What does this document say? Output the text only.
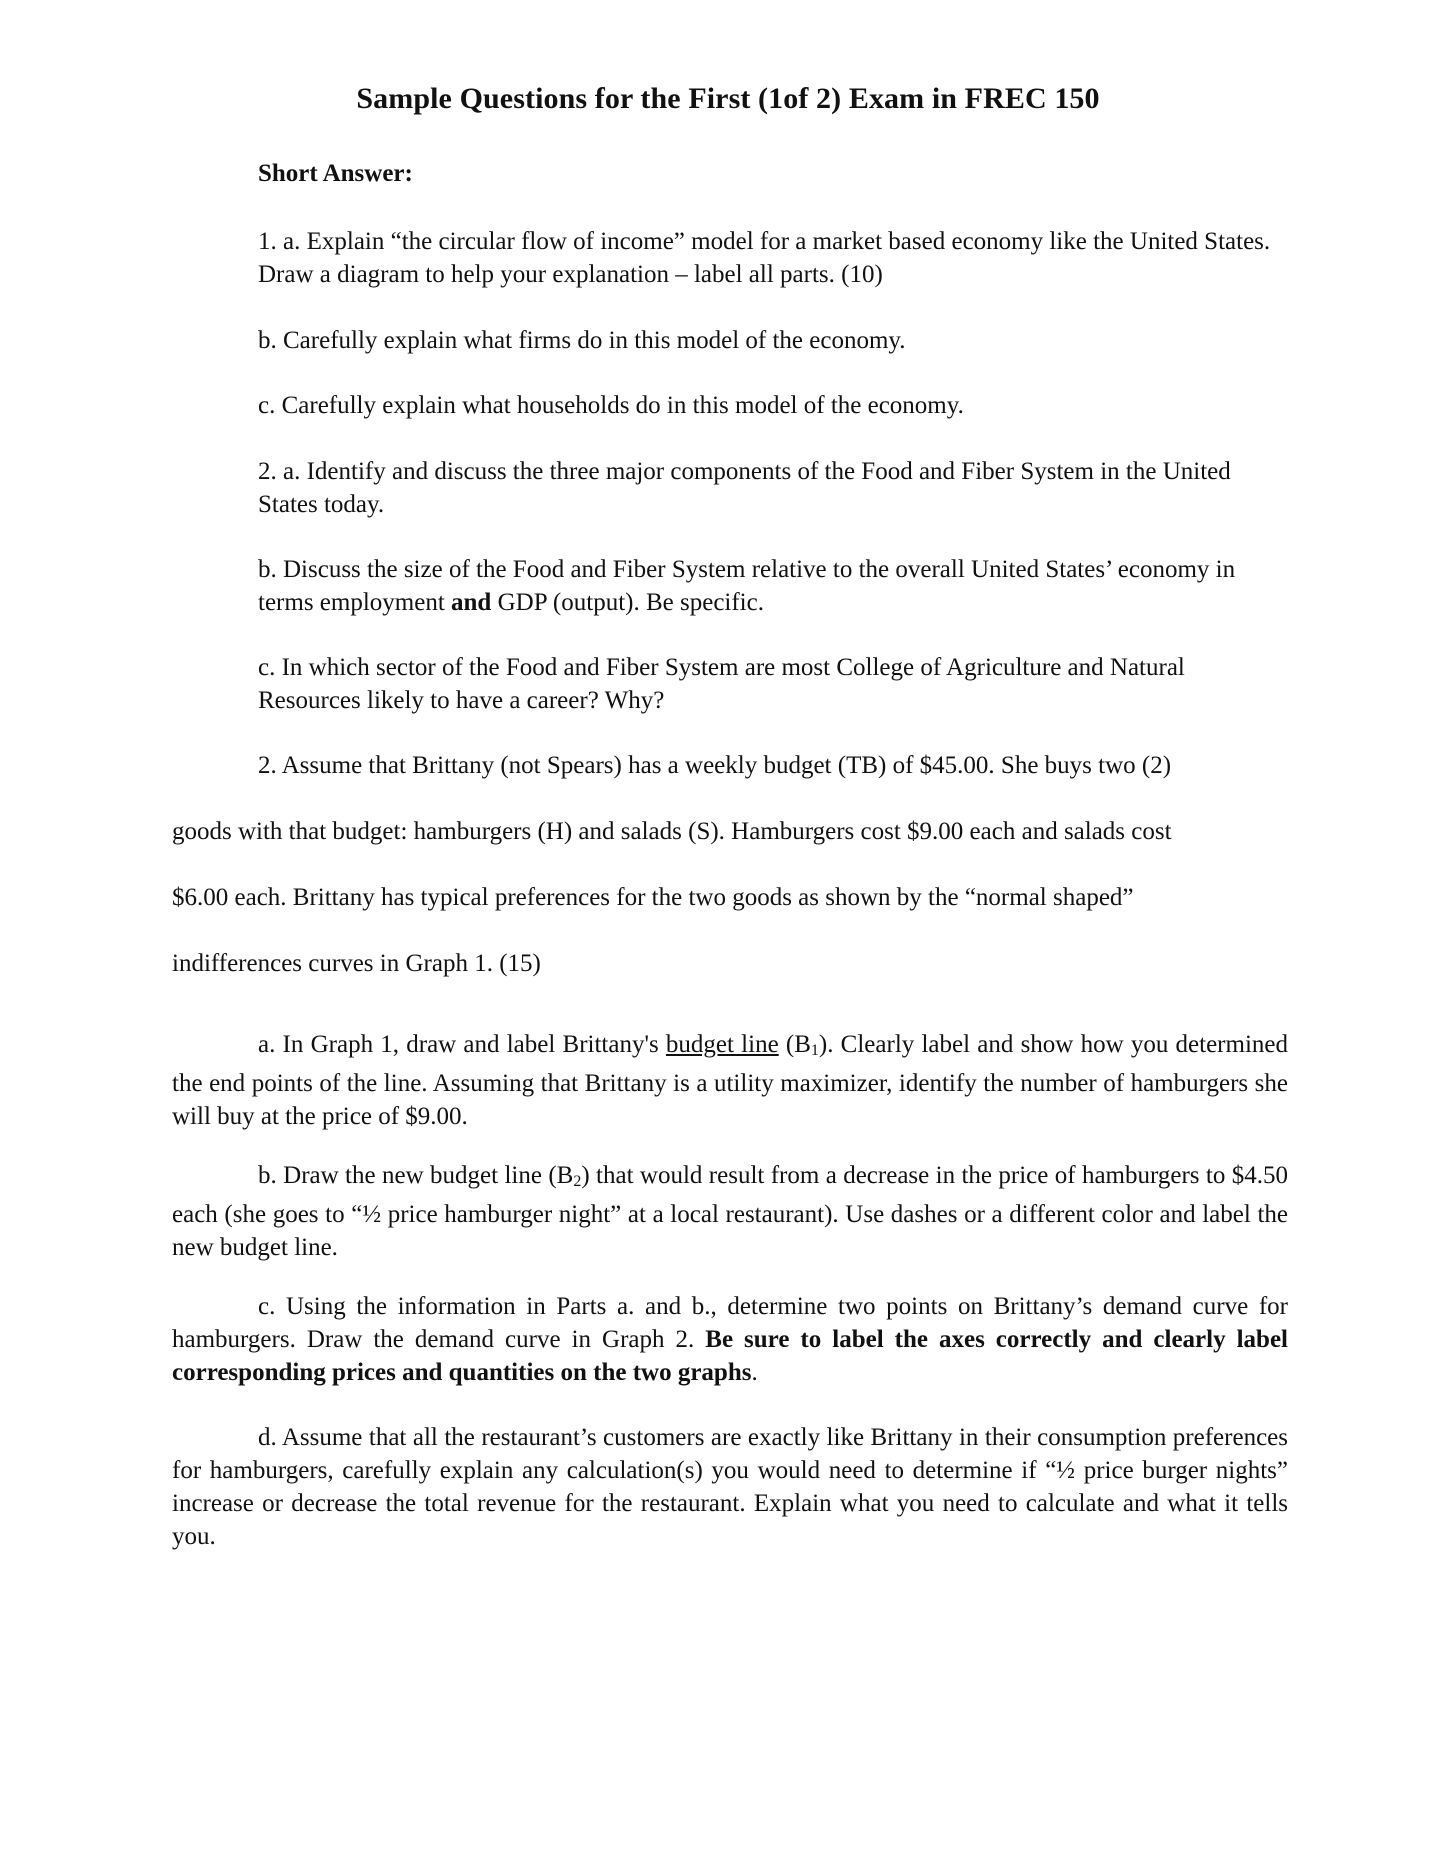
Sample Questions for the First (1of 2) Exam in FREC 150
Short Answer:

1. a. Explain “the circular flow of income” model for a market based economy like the United States. Draw a diagram to help your explanation – label all parts. (10)

b. Carefully explain what firms do in this model of the economy.

c. Carefully explain what households do in this model of the economy.

2. a. Identify and discuss the three major components of the Food and Fiber System in the United States today.

b. Discuss the size of the Food and Fiber System relative to the overall United States’ economy in terms employment and GDP (output). Be specific.

c. In which sector of the Food and Fiber System are most College of Agriculture and Natural Resources likely to have a career? Why?

2. Assume that Brittany (not Spears) has a weekly budget (TB) of $45.00. She buys two (2)
goods with that budget: hamburgers (H) and salads (S). Hamburgers cost $9.00 each and salads cost
$6.00 each. Brittany has typical preferences for the two goods as shown by the “normal shaped”
indifferences curves in Graph 1. (15)

a. In Graph 1, draw and label Brittany's budget line (B1). Clearly label and show how you determined the end points of the line. Assuming that Brittany is a utility maximizer, identify the number of hamburgers she will buy at the price of $9.00.

b. Draw the new budget line (B2) that would result from a decrease in the price of hamburgers to $4.50 each (she goes to “½ price hamburger night” at a local restaurant). Use dashes or a different color and label the new budget line.

c. Using the information in Parts a. and b., determine two points on Brittany’s demand curve for hamburgers. Draw the demand curve in Graph 2. Be sure to label the axes correctly and clearly label corresponding prices and quantities on the two graphs.

d. Assume that all the restaurant’s customers are exactly like Brittany in their consumption preferences for hamburgers, carefully explain any calculation(s) you would need to determine if “½ price burger nights” increase or decrease the total revenue for the restaurant. Explain what you need to calculate and what it tells you.
